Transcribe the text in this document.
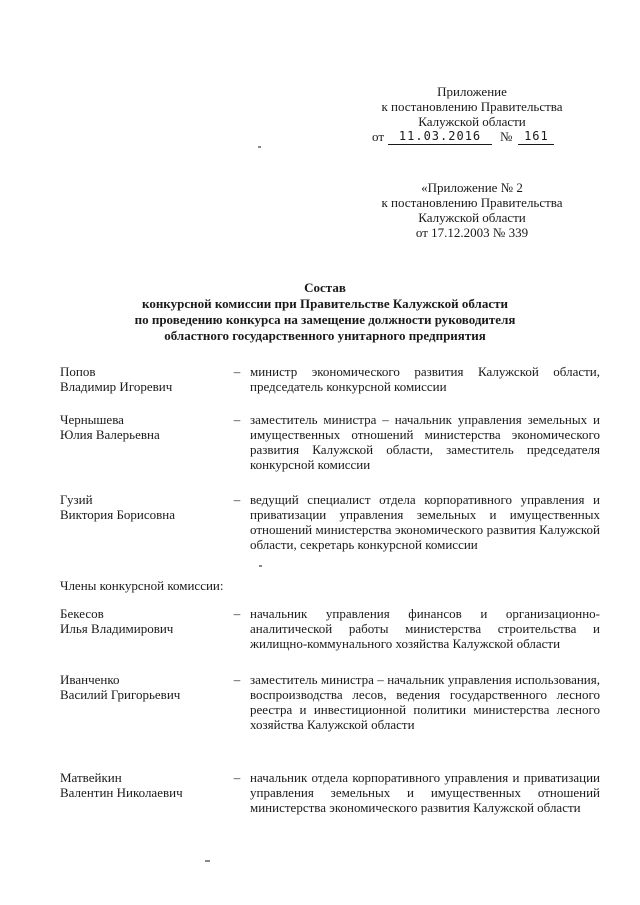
Приложение
к постановлению Правительства
Калужской области
от	11.03.2016	№ 161
«Приложение № 2
к постановлению Правительства
Калужской области
от 17.12.2003 № 339
Состав
конкурсной комиссии при Правительстве Калужской области
по проведению конкурса на замещение должности руководителя
областного государственного унитарного предприятия
Попов
Владимир Игоревич
– министр экономического развития Калужской области, председатель конкурсной комиссии
Чернышева
Юлия Валерьевна
– заместитель министра – начальник управления земельных и имущественных отношений министерства экономического развития Калужской области, заместитель председателя конкурсной комиссии
Гузий
Виктория Борисовна
– ведущий специалист отдела корпоративного управления и приватизации управления земельных и имущественных отношений министерства экономического развития Калужской области, секретарь конкурсной комиссии
Члены конкурсной комиссии:
Бекесов
Илья Владимирович
– начальник управления финансов и организационно-аналитической работы министерства строительства и жилищно-коммунального хозяйства Калужской области
Иванченко
Василий Григорьевич
– заместитель министра – начальник управления использования, воспроизводства лесов, ведения государственного лесного реестра и инвестиционной политики министерства лесного хозяйства Калужской области
Матвейкин
Валентин Николаевич
– начальник отдела корпоративного управления и приватизации управления земельных и имущественных отношений министерства экономического развития Калужской области
